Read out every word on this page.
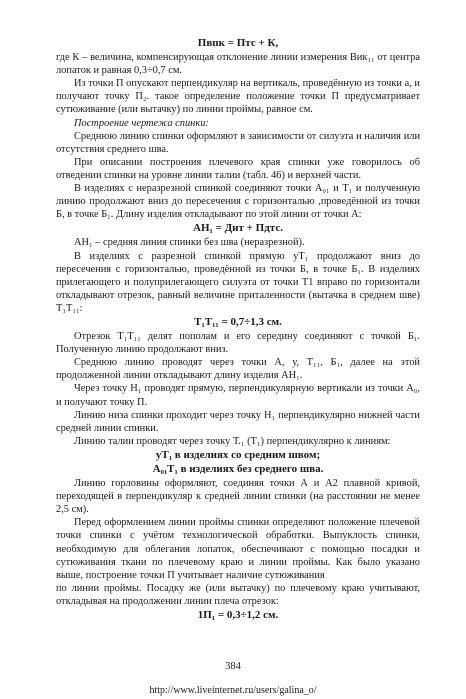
Пвпк = Птс + К,

где К – величина, компенсирующая отклонение линии измерения Вик₁₁ от центра лопаток и равная 0,3÷0,7 см.

Из точки П опускают перпендикуляр на вертикаль, проведённую из точки а, и получают точку П₂. такое определение положение точки П предусматривает сутюживание (или вытачку) по линии проймы, равное см.

Построение чертежа спинки:

Среднюю линию спинки оформляют в зависимости от силуэта и наличия или отсутствия среднего шва.

При описании построения плечевого края спинки уже говорилось об отведении спинки на уровне линии талии (табл. 46) и верхней части.

В изделиях с неразрезной спинкой соединяют точки А₀₁ и Т₁ и полученную линию продолжают вниз до пересечения с горизонталью ,проведённой из точки Б, в точке Б₁. Длину изделия откладывают по этой линии от точки А:

АН₁ = Дит + Пдтс.

АН₁ – средняя линия спинки без шва (неразрезной).

В изделиях с разрезной спинкой прямую уТ₁ продолжают вниз до пересечения с горизонталью, проведённой из точки Б, в точке Б₁. В изделиях прилегающего и полуприлегающего силуэта от точки Т1 вправо по горизонтали откладывают отрезок, равный величине приталенности (вытачка в среднем шве) Т₁Т₁₁:

Т₁Т₁₁ = 0,7÷1,3 см.

Отрезок Т₁Т₁₁ делят пополам и его середину соединяют с точкой Б₁. Полученную линию продолжают вниз.

Среднюю линию проводят через точки А, у, Т₁₁, Б₁, далее на этой продолженной линии откладывают длину изделия АН₁.

Через точку Н₁ проводят прямую, перпендикулярную вертикали из точки А₀, и получают точку П.

Линию низа спинки проходит через точку Н₁ перпендикулярно нижней части средней линии спинки.

Линию талии проводят через точку Т.₁ (Т₁) перпендикулярно к линиям:

уТ₁ в изделиях со средним швом;
А₀₁Т₁ в изделиях без среднего шва.

Линию горловины оформляют, соединяя точки А и А2 плавной кривой, переходящей в перпендикуляр к средней линии спинки (на расстоянии не менее 2,5 см).

Перед оформлением линии проймы спинки определяют положение плечевой точки спинки с учётом технологической обработки. Выпуклость спинки, необходимую для облегания лопаток, обеспечивают с помощью посадки и сутюживания ткани по плечевому краю и линии проймы. Как было указано выше, построение точки П учитывает наличие сутюживания

по линии проймы. Посадку же (или вытачку) по плечевому краю учитывают, откладывая на продолжении линии плеча отрезок:

1П₁ = 0,3÷1,2 см.
384
http://www.liveinternet.ru/users/galina_o/
